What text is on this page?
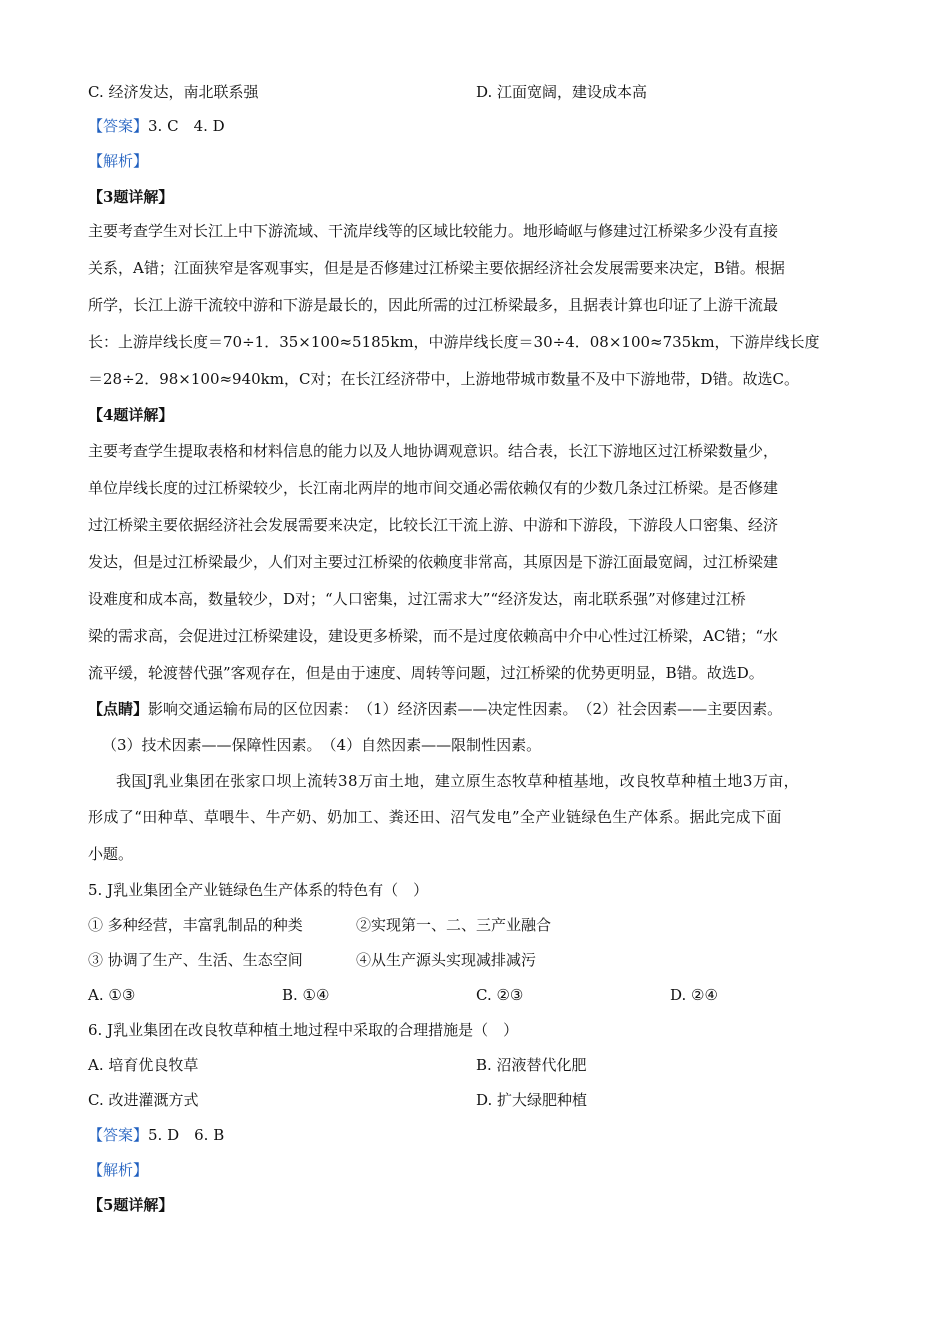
C. 经济发达，南北联系强	D. 江面宽阔，建设成本高
【答案】3. C　4. D
【解析】
【3题详解】
主要考查学生对长江上中下游流域、干流岸线等的区域比较能力。地形崎岖与修建过江桥梁多少没有直接
关系，A错；江面狭窄是客观事实，但是是否修建过江桥梁主要依据经济社会发展需要来决定，B错。根据
所学，长江上游干流较中游和下游是最长的，因此所需的过江桥梁最多，且据表计算也印证了上游干流最
长：上游岸线长度＝70÷1．35×100≈5185km，中游岸线长度＝30÷4．08×100≈735km，下游岸线长度
＝28÷2．98×100≈940km，C对；在长江经济带中，上游地带城市数量不及中下游地带，D错。故选C。
【4题详解】
主要考查学生提取表格和材料信息的能力以及人地协调观意识。结合表，长江下游地区过江桥梁数量少，
单位岸线长度的过江桥梁较少，长江南北两岸的地市间交通必需依赖仅有的少数几条过江桥梁。是否修建
过江桥梁主要依据经济社会发展需要来决定，比较长江干流上游、中游和下游段，下游段人口密集、经济
发达，但是过江桥梁最少，人们对主要过江桥梁的依赖度非常高，其原因是下游江面最宽阔，过江桥梁建
设难度和成本高，数量较少，D对；“人口密集，过江需求大”“经济发达，南北联系强”对修建过江桥
梁的需求高，会促进过江桥梁建设，建设更多桥梁，而不是过度依赖高中介中心性过江桥梁，AC错；“水
流平缓，轮渡替代强”客观存在，但是由于速度、周转等问题，过江桥梁的优势更明显，B错。故选D。
【点睛】影响交通运输布局的区位因素：　（1）经济因素——决定性因素。　（2）社会因素——主要因素。
（3）技术因素——保障性因素。　（4）自然因素——限制性因素。
我国J乳业集团在张家口坝上流转38万亩土地，建立原生态牧草种植基地，改良牧草种植土地3万亩，
形成了“田种草、草喂牛、牛产奶、奶加工、粪还田、沼气发电”全产业链绿色生产体系。据此完成下面
小题。
5. J乳业集团全产业链绿色生产体系的特色有（　）
① 多种经营，丰富乳制品的种类	②实现第一、二、三产业融合
③ 协调了生产、生活、生态空间	④从生产源头实现减排减污
A. ①③	B. ①④	C. ②③	D. ②④
6. J乳业集团在改良牧草种植土地过程中采取的合理措施是（　）
A. 培育优良牧草	B. 沼液替代化肥
C. 改进灌溉方式	D. 扩大绿肥种植
【答案】5. D　6. B
【解析】
【5题详解】
